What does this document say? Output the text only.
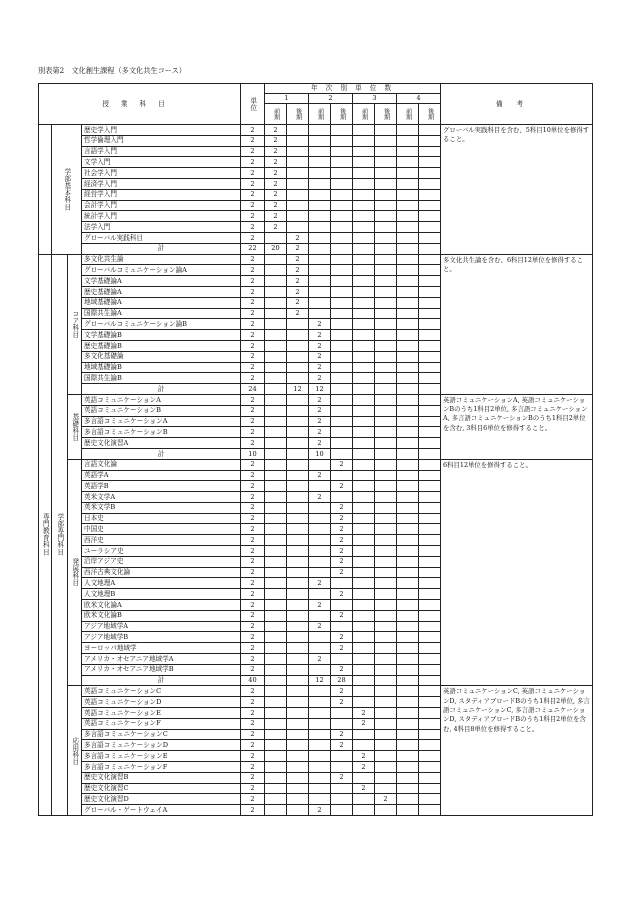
別表第2　文化創生課程（多文化共生コース）
授業科目				単位	年 次 別 単 位 数								備考
					1		2		3		4		
					前期	後期	前期	後期	前期	後期	前期	後期	
	学部基本科目		歴史学入門	2	2								グローバル実践科目を含む、5科目10単位を修得すること。
			哲学倫理入門	2	2								
			言語学入門	2	2								
			文学入門	2	2								
			社会学入門	2	2								
			経済学入門	2	2								
			経営学入門	2	2								
			会計学入門	2	2								
			統計学入門	2	2								
			法学入門	2	2								
			グローバル実践科目	2		2							
			計	22	20	2							
専門教育科目	学部専門科目	コア科目	多文化共生論	2		2							多文化共生論を含む、6科目12単位を修得すること。
			グローバルコミュニケーション論A	2		2							
			文学基礎論A	2		2							
			歴史基礎論A	2		2							
			地域基礎論A	2		2							
			国際共生論A	2		2							
			グローバルコミュニケーション論B	2			2						
			文学基礎論B	2			2						
			歴史基礎論B	2			2						
			多文化基礎論	2			2						
			地域基礎論B	2			2						
			国際共生論B	2			2						
			計	24		12	12						
		基礎科目	英語コミュニケーションA	2			2						英語コミュニケーションA, 英語コミュニケーションBのうち1科目2単位, 多言語コミュニケーションA, 多言語コミュニケーションBのうち1科目2単位を含む, 3科目6単位を修得すること。
			英語コミュニケーションB	2			2						
			多言語コミュニケーションA	2			2						
			多言語コミュニケーションB	2			2						
			歴史文化演習A	2			2						
			計	10			10						
		発展科目	言語文化論	2				2					6科目12単位を修得すること。
			英語学A	2			2						
			英語学B	2				2					
			英米文学A	2			2						
			英米文学B	2				2					
			日本史	2				2					
			中国史	2				2					
			西洋史	2				2					
			ユーラシア史	2				2					
			沿岸アジア史	2				2					
			西洋古典文化論	2				2					
			人文地理A	2			2						
			人文地理B	2				2					
			欧米文化論A	2			2						
			欧米文化論B	2				2					
			アジア地域学A	2			2						
			アジア地域学B	2				2					
			ヨーロッパ地域学	2				2					
			アメリカ・オセアニア地域学A	2			2						
			アメリカ・オセアニア地域学B	2				2					
			計	40			12	28					
		応用科目	英語コミュニケーションC	2				2					英語コミュニケーションC, 英語コミュニケーションD, スタディアブロードBのうち1科目2単位, 多言語コミュニケーションC, 多言語コミュニケーションD, スタディアブロードBのうち1科目2単位を含む, 4科目8単位を修得すること。
			英語コミュニケーションD	2				2					
			英語コミュニケーションE	2					2				
			英語コミュニケーションF	2					2				
			多言語コミュニケーションC	2				2					
			多言語コミュニケーションD	2				2					
			多言語コミュニケーションE	2					2				
			多言語コミュニケーションF	2					2				
			歴史文化演習B	2				2					
			歴史文化演習C	2					2				
			歴史文化演習D	2						2			
			グローバル・ゲートウェイA	2			2						
